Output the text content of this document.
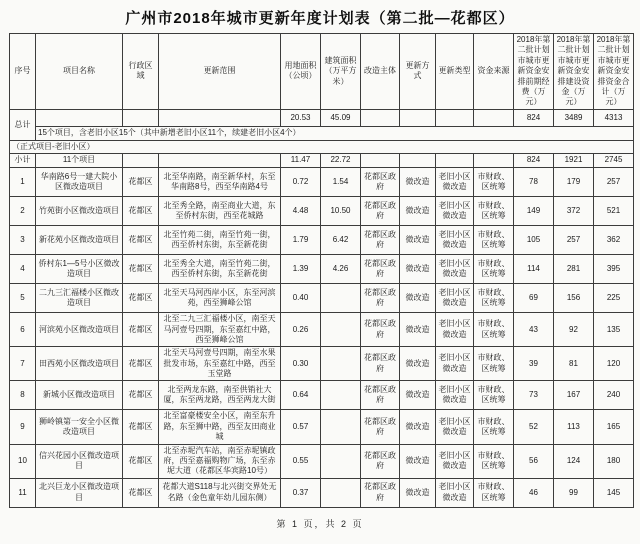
广州市2018年城市更新年度计划表（第二批—花都区）
序号	项目名称	行政区域	更新范围	用地面积（公顷）	建筑面积（万平方米）	改造主体	更新方式	更新类型	资金来源	2018年第二批计划市城市更新资金安排前期经费（万元）	2018年第二批计划市城市更新资金安排建设资金（万元）	2018年第二批计划市城市更新资金安排资金合计（万元）
总计				20.53	45.09					824	3489	4313
	15个项目，含老旧小区15个（其中新增老旧小区11个，续建老旧小区4个）											
（正式项目-老旧小区）												
小计	11个项目			11.47	22.72					824	1921	2745
1	华南路6号一建大院小区微改造项目	花都区	北至华南路，南至新华村，东至华南路8号，西至华南路4号	0.72	1.54	花都区政府	微改造	老旧小区微改造	市财政、区统筹	78	179	257
2	竹苑街小区微改造项目	花都区	北至秀全路，南至商业大道，东至侨村东街，西至花城路	4.48	10.50	花都区政府	微改造	老旧小区微改造	市财政、区统筹	149	372	521
3	新花苑小区微改造项目	花都区	北至竹苑二街，南至竹苑一街，西至侨村东街，东至新花街	1.79	6.42	花都区政府	微改造	老旧小区微改造	市财政、区统筹	105	257	362
4	侨村东1—5号小区微改造项目	花都区	北至秀全大道，南至竹苑二街，西至侨村东街，东至新花街	1.39	4.26	花都区政府	微改造	老旧小区微改造	市财政、区统筹	114	281	395
5	二九三汇福楼小区微改造项目	花都区	北至天马河西岸小区，东至河滨苑，西至狮峰公馆	0.40		花都区政府	微改造	老旧小区微改造	市财政、区统筹	69	156	225
6	河滨苑小区微改造项目	花都区	北至二九三汇福楼小区，南至天马河壹号四期，东至嘉红中路，西至狮峰公馆	0.26		花都区政府	微改造	老旧小区微改造	市财政、区统筹	43	92	135
7	田西苑小区微改造项目	花都区	北至天马河壹号四期，南至水果批发市场，东至嘉红中路，西至玉堂路	0.30		花都区政府	微改造	老旧小区微改造	市财政、区统筹	39	81	120
8	新城小区微改造项目	花都区	北至两龙东路，南至供销社大厦，东至两龙路，西至两龙大街	0.64		花都区政府	微改造	老旧小区微改造	市财政、区统筹	73	167	240
9	狮岭镇第一安全小区微改造项目	花都区	北至富豪楼安全小区，南至东升路，东至狮中路，西至友田商业城	0.57		花都区政府	微改造	老旧小区微改造	市财政、区统筹	52	113	165
10	信兴花园小区微改造项目	花都区	北至赤坭汽车站，南至赤坭镇政府，西至嘉福购物广场，东至赤坭大道（花都区华宾路10号）	0.55		花都区政府	微改造	老旧小区微改造	市财政、区统筹	56	124	180
11	北兴巨龙小区微改造项目	花都区	花都大道S118与北兴街交界处无名路（金色童年幼儿园东侧）	0.37		花都区政府	微改造	老旧小区微改造	市财政、区统筹	46	99	145
第 1 页，共 2 页
